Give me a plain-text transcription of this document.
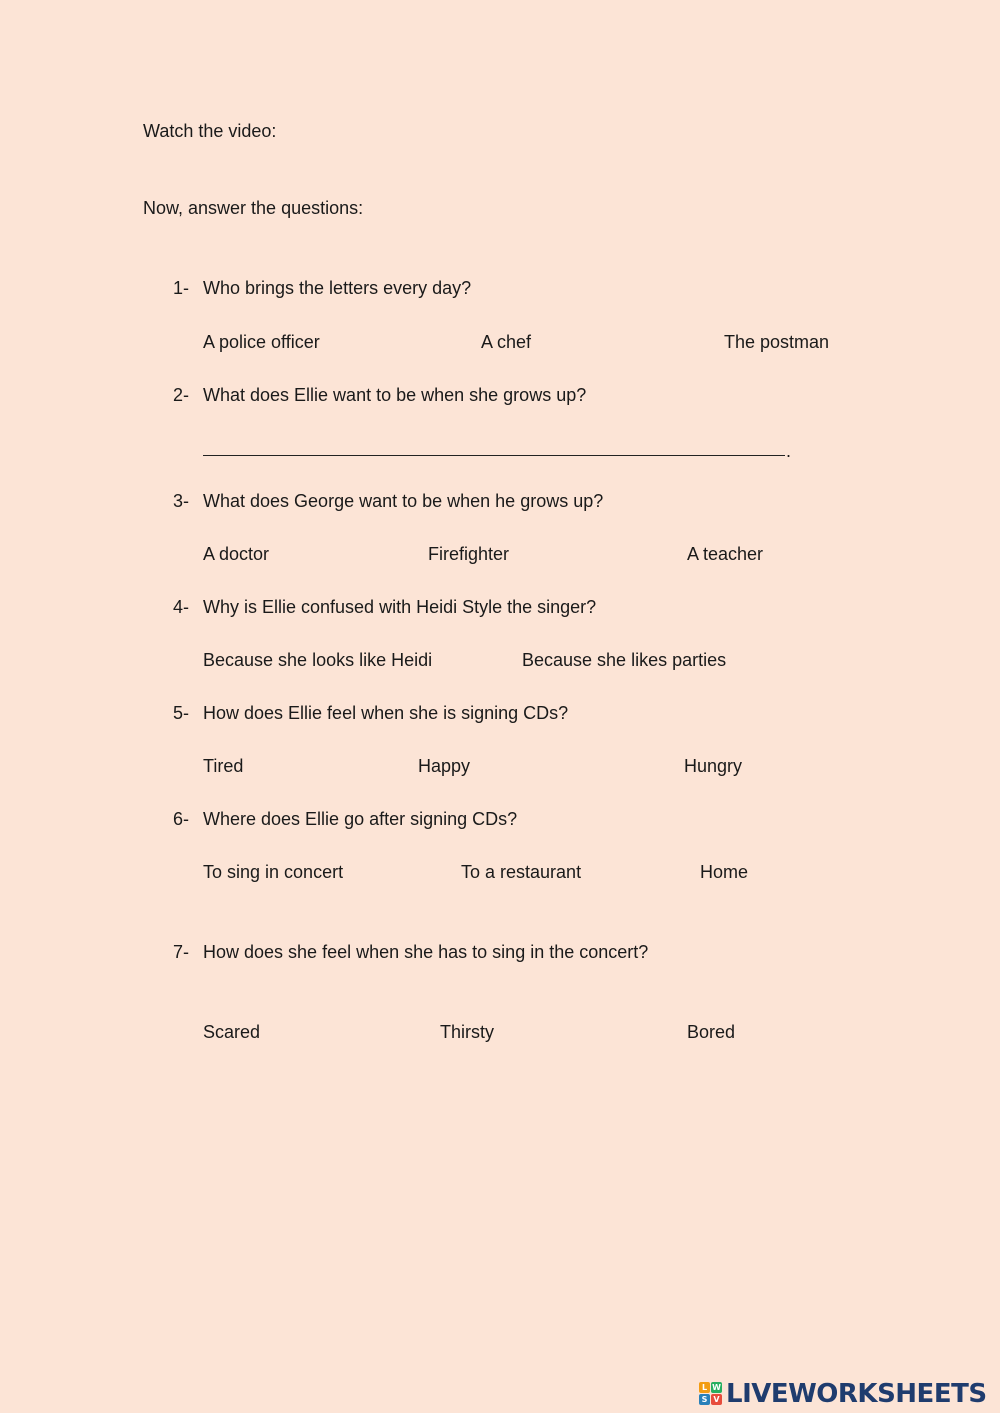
Watch the video:
Now, answer the questions:
1- Who brings the letters every day?
A police officer	A chef	The postman
2- What does Ellie want to be when she grows up?
.
3- What does George want to be when he grows up?
A doctor	Firefighter	A teacher
4- Why is Ellie confused with Heidi Style the singer?
Because she looks like Heidi	Because she likes parties
5- How does Ellie feel when she is signing CDs?
Tired	Happy	Hungry
6- Where does Ellie go after signing CDs?
To sing in concert	To a restaurant	Home
7- How does she feel when she has to sing in the concert?
Scared	Thirsty	Bored
L W
S V LIVEWORKSHEETS
